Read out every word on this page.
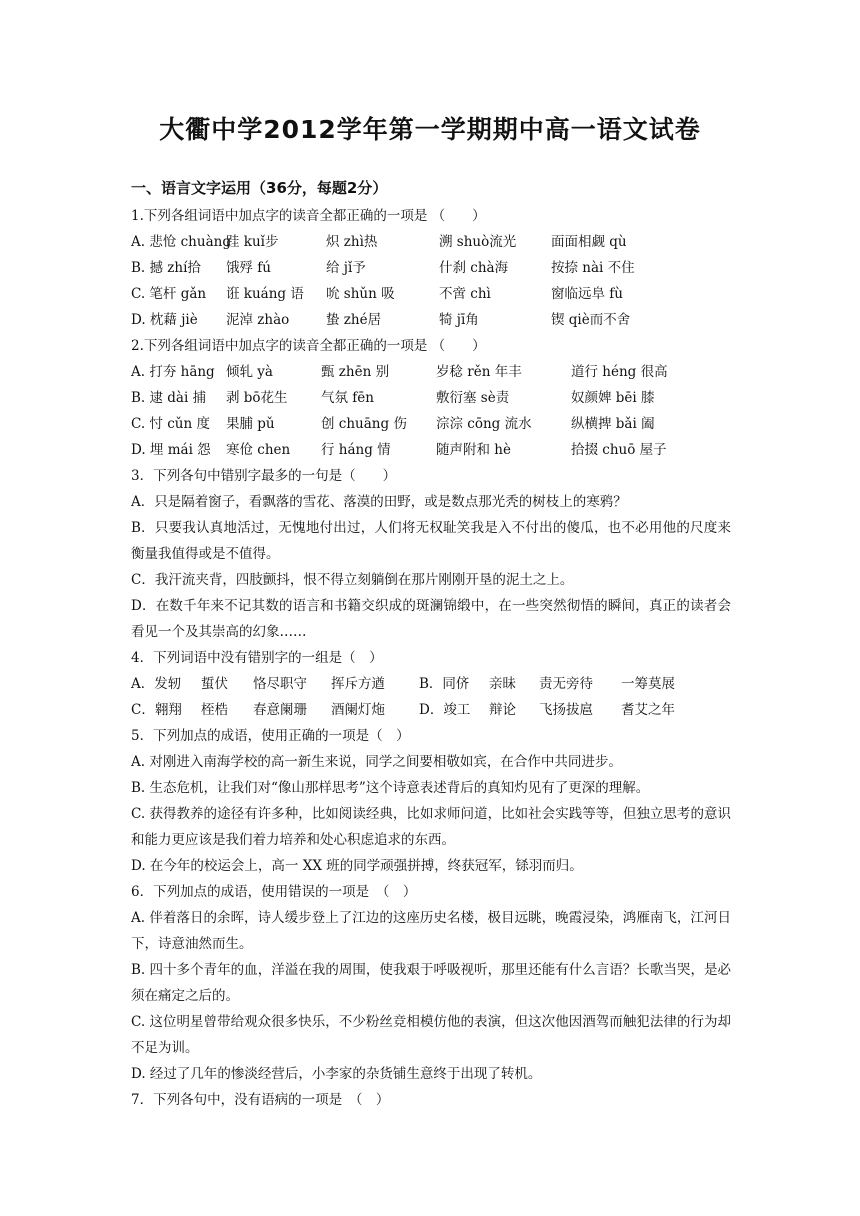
大衢中学2012学年第一学期期中高一语文试卷
一、语言文字运用（36分，每题2分）
1.下列各组词语中加点字的读音全都正确的一项是 （　　）
A. 悲怆 chuàng跬 kuǐ步	炽 zhì热	溯 shuò流光	面面相觑 qù
B. 撼 zhí拾 饿殍 fú	给 jǐ予	什刹 chà海	按捺 nài 不住
C. 笔杆 gǎn 诳 kuáng 语 吮 shǔn 吸	不啻 chì	窗临远阜 fù
D. 枕藉 jiè 泥淖 zhào	蛰 zhé居	犄 jī角	锲 qiè而不舍
2.下列各组词语中加点字的读音全都正确的一项是 （　　）
A. 打夯 hāng 倾轧 yà	甄 zhēn 别	岁稔 rěn 年丰	道行 héng 很高
B. 逮 dài 捕 剥 bō花生 气氛 fēn	敷衍塞 sè责	奴颜婢 bēi 膝
C. 忖 cǔn 度 果脯 pǔ	创 chuāng 伤 淙淙 cōng 流水	纵横捭 bǎi 阖
D. 埋 mái 怨 寒伧 chen 行 háng 情	随声附和 hè	拾掇 chuō 屋子
3．下列各句中错别字最多的一句是（　　）
A．只是隔着窗子，看飘落的雪花、落漠的田野，或是数点那光秃的树枝上的寒鸦？
B．只要我认真地活过，无愧地付出过，人们将无权耻笑我是入不付出的傻瓜，也不必用他的尺度来衡量我值得或是不值得。
C．我汗流夹背，四肢颤抖，恨不得立刻躺倒在那片刚刚开垦的泥土之上。
D．在数千年来不记其数的语言和书籍交织成的斑澜锦缎中，在一些突然彻悟的瞬间，真正的读者会看见一个及其崇高的幻象……
4．下列词语中没有错别字的一组是（　）
A．发轫 蜇伏 恪尽职守 挥斥方遒	B．同侪 亲昧 责无旁待 一筹莫展
C．翱翔 桎梏 春意阑珊 酒阑灯炧	D．竣工 辩论 飞扬拔扈 耆艾之年
5．下列加点的成语，使用正确的一项是（　）
A. 对刚进入南海学校的高一新生来说，同学之间要相敬如宾，在合作中共同进步。
B. 生态危机，让我们对“像山那样思考”这个诗意表述背后的真知灼见有了更深的理解。
C. 获得教养的途径有许多种，比如阅读经典，比如求师问道，比如社会实践等等，但独立思考的意识和能力更应该是我们着力培养和处心积虑追求的东西。
D. 在今年的校运会上，高一 XX 班的同学顽强拼搏，终获冠军，铩羽而归。
6．下列加点的成语，使用错误的一项是　（　）
A. 伴着落日的余晖，诗人缓步登上了江边的这座历史名楼，极目远眺，晚霞浸染，鸿雁南飞，江河日下，诗意油然而生。
B. 四十多个青年的血，洋溢在我的周围，使我艰于呼吸视听，那里还能有什么言语？长歌当哭，是必须在痛定之后的。
C. 这位明星曾带给观众很多快乐，不少粉丝竞相模仿他的表演，但这次他因酒驾而触犯法律的行为却不足为训。
D. 经过了几年的惨淡经营后，小李家的杂货铺生意终于出现了转机。
7．下列各句中，没有语病的一项是　（　）
